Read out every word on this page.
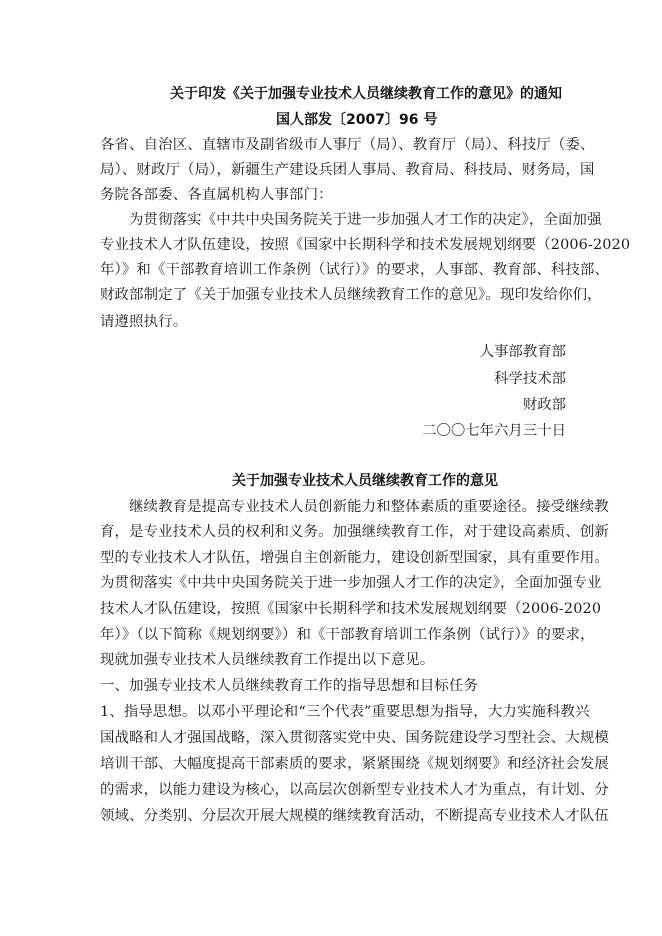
关于印发《关于加强专业技术人员继续教育工作的意见》的通知
国人部发〔2007〕96 号
各省、自治区、直辖市及副省级市人事厅（局）、教育厅（局）、科技厅（委、
局）、财政厅（局），新疆生产建设兵团人事局、教育局、科技局、财务局，国
务院各部委、各直属机构人事部门：
为贯彻落实《中共中央国务院关于进一步加强人才工作的决定》，全面加强
专业技术人才队伍建设，按照《国家中长期科学和技术发展规划纲要（2006-2020
年）》和《干部教育培训工作条例（试行）》的要求，人事部、教育部、科技部、
财政部制定了《关于加强专业技术人员继续教育工作的意见》。现印发给你们，
请遵照执行。
人事部教育部
科学技术部
财政部
二〇〇七年六月三十日
关于加强专业技术人员继续教育工作的意见
继续教育是提高专业技术人员创新能力和整体素质的重要途径。接受继续教
育，是专业技术人员的权利和义务。加强继续教育工作，对于建设高素质、创新
型的专业技术人才队伍，增强自主创新能力，建设创新型国家，具有重要作用。
为贯彻落实《中共中央国务院关于进一步加强人才工作的决定》，全面加强专业
技术人才队伍建设，按照《国家中长期科学和技术发展规划纲要（2006-2020
年）》（以下简称《规划纲要》）和《干部教育培训工作条例（试行）》的要求，
现就加强专业技术人员继续教育工作提出以下意见。
一、加强专业技术人员继续教育工作的指导思想和目标任务
1、指导思想。以邓小平理论和“三个代表”重要思想为指导，大力实施科教兴
国战略和人才强国战略，深入贯彻落实党中央、国务院建设学习型社会、大规模
培训干部、大幅度提高干部素质的要求，紧紧围绕《规划纲要》和经济社会发展
的需求，以能力建设为核心，以高层次创新型专业技术人才为重点，有计划、分
领域、分类别、分层次开展大规模的继续教育活动，不断提高专业技术人才队伍
